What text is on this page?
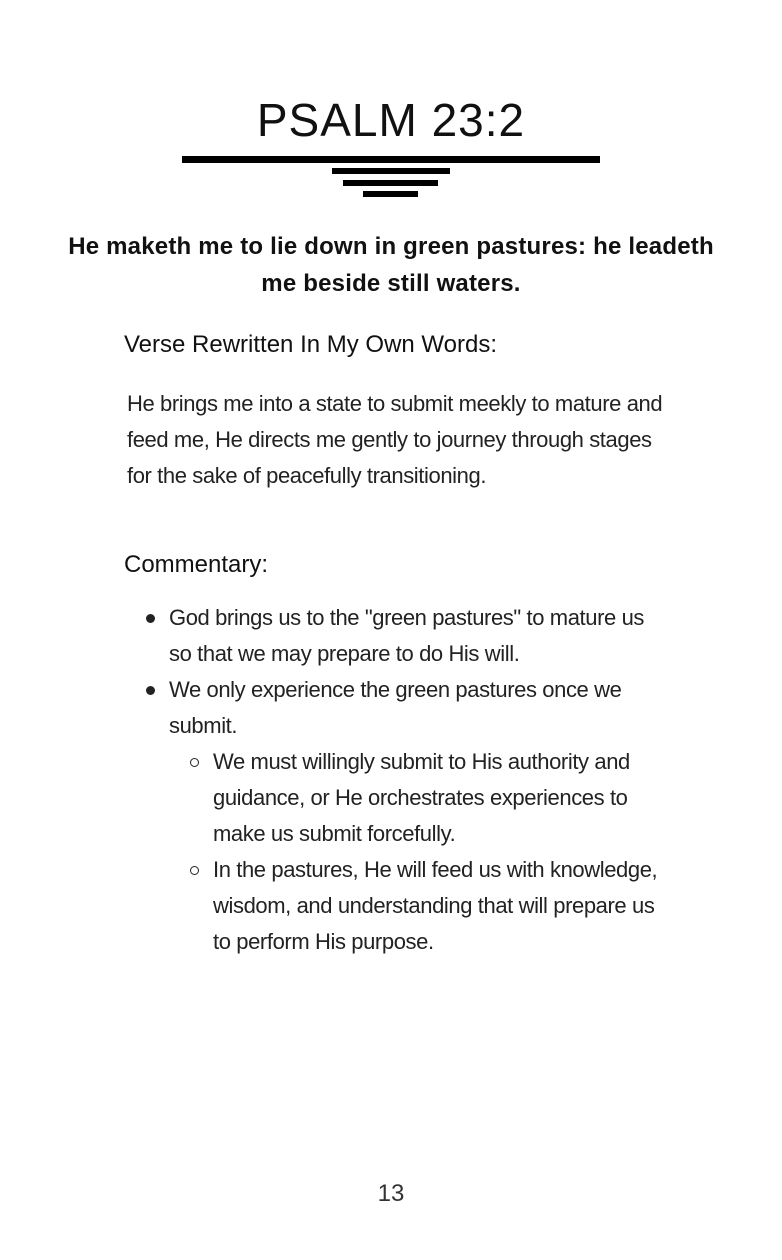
PSALM 23:2
He maketh me to lie down in green pastures: he leadeth me beside still waters.
Verse Rewritten In My Own Words:
He brings me into a state to submit meekly to mature and feed me, He directs me gently to journey through stages for the sake of peacefully transitioning.
Commentary:
God brings us to the "green pastures" to mature us so that we may prepare to do His will.
We only experience the green pastures once we submit.
We must willingly submit to His authority and guidance, or He orchestrates experiences to make us submit forcefully.
In the pastures, He will feed us with knowledge, wisdom, and understanding that will prepare us to perform His purpose.
13
